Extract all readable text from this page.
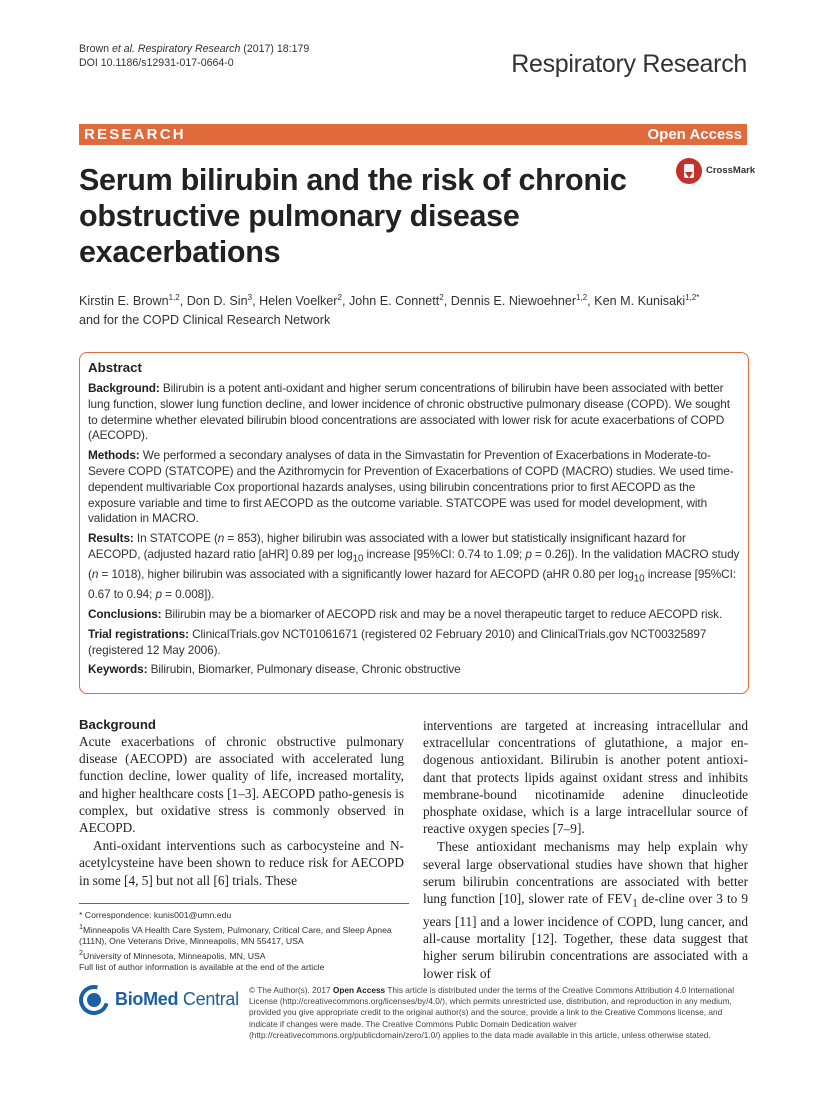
Brown et al. Respiratory Research (2017) 18:179
DOI 10.1186/s12931-017-0664-0	Respiratory Research
RESEARCH	Open Access
Serum bilirubin and the risk of chronic obstructive pulmonary disease exacerbations
CrossMark
Kirstin E. Brown$^{1,2}$, Don D. Sin$^3$, Helen Voelker$^2$, John E. Connett$^2$, Dennis E. Niewoehner$^{1,2}$, Ken M. Kunisaki$^{1,2*}$
and for the COPD Clinical Research Network
Abstract

Background: Bilirubin is a potent anti-oxidant and higher serum concentrations of bilirubin have been associated with better lung function, slower lung function decline, and lower incidence of chronic obstructive pulmonary disease (COPD). We sought to determine whether elevated bilirubin blood concentrations are associated with lower risk for acute exacerbations of COPD (AECOPD).

Methods: We performed a secondary analyses of data in the Simvastatin for Prevention of Exacerbations in Moderate-to-Severe COPD (STATCOPE) and the Azithromycin for Prevention of Exacerbations of COPD (MACRO) studies. We used time-dependent multivariable Cox proportional hazards analyses, using bilirubin concentrations prior to first AECOPD as the exposure variable and time to first AECOPD as the outcome variable. STATCOPE was used for model development, with validation in MACRO.

Results: In STATCOPE (n = 853), higher bilirubin was associated with a lower but statistically insignificant hazard for AECOPD, (adjusted hazard ratio [aHR] 0.89 per $\log_{10}$ increase [95%CI: 0.74 to 1.09; p = 0.26]). In the validation MACRO study (n = 1018), higher bilirubin was associated with a significantly lower hazard for AECOPD (aHR 0.80 per $\log_{10}$ increase [95%CI: 0.67 to 0.94; p = 0.008]).

Conclusions: Bilirubin may be a biomarker of AECOPD risk and may be a novel therapeutic target to reduce AECOPD risk.

Trial registrations: ClinicalTrials.gov NCT01061671 (registered 02 February 2010) and ClinicalTrials.gov NCT00325897 (registered 12 May 2006).

Keywords: Bilirubin, Biomarker, Pulmonary disease, Chronic obstructive

Background

Acute exacerbations of chronic obstructive pulmonary disease (AECOPD) are associated with accelerated lung function decline, lower quality of life, increased mortality, and higher healthcare costs [1–3]. AECOPD patho-genesis is complex, but oxidative stress is commonly observed in AECOPD.

Anti-oxidant interventions such as carbocysteine and N-acetylcysteine have been shown to reduce risk for AECOPD in some [4, 5] but not all [6] trials. These

interventions are targeted at increasing intracellular and extracellular concentrations of glutathione, a major en-dogenous antioxidant. Bilirubin is another potent antioxi-dant that protects lipids against oxidant stress and inhibits membrane-bound nicotinamide adenine dinucleotide phosphate oxidase, which is a large intracellular source of reactive oxygen species [7–9].

These antioxidant mechanisms may help explain why several large observational studies have shown that higher serum bilirubin concentrations are associated with better lung function [10], slower rate of $FEV_1$ de-cline over 3 to 9 years [11] and a lower incidence of COPD, lung cancer, and all-cause mortality [12]. Together, these data suggest that higher serum bilirubin concentrations are associated with a lower risk of

* Correspondence: kunis001@umn.edu
$^1$Minneapolis VA Health Care System, Pulmonary, Critical Care, and Sleep Apnea (111N), One Veterans Drive, Minneapolis, MN 55417, USA
$^2$University of Minnesota, Minneapolis, MN, USA
Full list of author information is available at the end of the article
BioMed Central © The Author(s). 2017 Open Access This article is distributed under the terms of the Creative Commons Attribution 4.0 International License (http://creativecommons.org/licenses/by/4.0/), which permits unrestricted use, distribution, and reproduction in any medium, provided you give appropriate credit to the original author(s) and the source, provide a link to the Creative Commons license, and indicate if changes were made. The Creative Commons Public Domain Dedication waiver (http://creativecommons.org/publicdomain/zero/1.0/) applies to the data made available in this article, unless otherwise stated.
